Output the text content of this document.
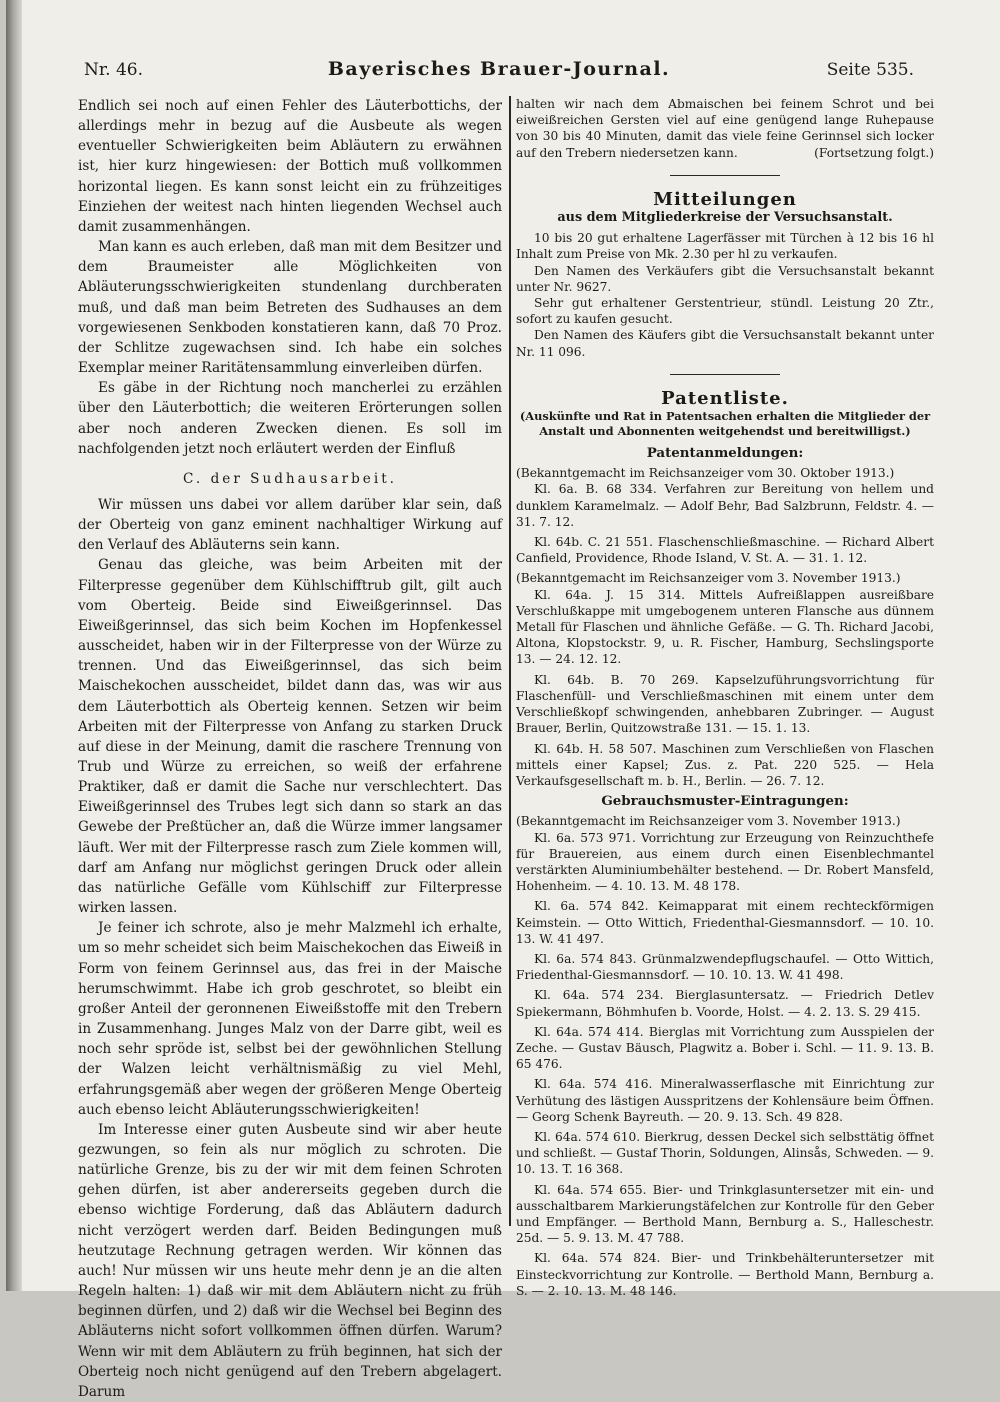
Nr. 46.	Bayerisches Brauer-Journal.	Seite 535.

Endlich sei noch auf einen Fehler des Läuterbottichs, der allerdings mehr in bezug auf die Ausbeute als wegen eventueller Schwierigkeiten beim Abläutern zu erwähnen ist, hier kurz hingewiesen: der Bottich muß vollkommen horizontal liegen. Es kann sonst leicht ein zu frühzeitiges Einziehen der weitest nach hinten liegenden Wechsel auch damit zusammenhängen.

Man kann es auch erleben, daß man mit dem Besitzer und dem Braumeister alle Möglichkeiten von Abläuterungsschwierigkeiten stundenlang durchberaten muß, und daß man beim Betreten des Sudhauses an dem vorgewiesenen Senkboden konstatieren kann, daß 70 Proz. der Schlitze zugewachsen sind. Ich habe ein solches Exemplar meiner Raritätensammlung einverleiben dürfen.

Es gäbe in der Richtung noch mancherlei zu erzählen über den Läuterbottich; die weiteren Erörterungen sollen aber noch anderen Zwecken dienen. Es soll im nachfolgenden jetzt noch erläutert werden der Einfluß

C. der Sudhausarbeit.

Wir müssen uns dabei vor allem darüber klar sein, daß der Oberteig von ganz eminent nachhaltiger Wirkung auf den Verlauf des Abläuterns sein kann.

Genau das gleiche, was beim Arbeiten mit der Filterpresse gegenüber dem Kühlschifftrub gilt, gilt auch vom Oberteig. Beide sind Eiweißgerinnsel. Das Eiweißgerinnsel, das sich beim Kochen im Hopfenkessel ausscheidet, haben wir in der Filterpresse von der Würze zu trennen. Und das Eiweißgerinnsel, das sich beim Maischekochen ausscheidet, bildet dann das, was wir aus dem Läuterbottich als Oberteig kennen. Setzen wir beim Arbeiten mit der Filterpresse von Anfang zu starken Druck auf diese in der Meinung, damit die raschere Trennung von Trub und Würze zu erreichen, so weiß der erfahrene Praktiker, daß er damit die Sache nur verschlechtert. Das Eiweißgerinnsel des Trubes legt sich dann so stark an das Gewebe der Preßtücher an, daß die Würze immer langsamer läuft. Wer mit der Filterpresse rasch zum Ziele kommen will, darf am Anfang nur möglichst geringen Druck oder allein das natürliche Gefälle vom Kühlschiff zur Filterpresse wirken lassen.

Je feiner ich schrote, also je mehr Malzmehl ich erhalte, um so mehr scheidet sich beim Maischekochen das Eiweiß in Form von feinem Gerinnsel aus, das frei in der Maische herumschwimmt. Habe ich grob geschrotet, so bleibt ein großer Anteil der geronnenen Eiweißstoffe mit den Trebern in Zusammenhang. Junges Malz von der Darre gibt, weil es noch sehr spröde ist, selbst bei der gewöhnlichen Stellung der Walzen leicht verhältnismäßig zu viel Mehl, erfahrungsgemäß aber wegen der größeren Menge Oberteig auch ebenso leicht Abläuterungsschwierigkeiten!

Im Interesse einer guten Ausbeute sind wir aber heute gezwungen, so fein als nur möglich zu schroten. Die natürliche Grenze, bis zu der wir mit dem feinen Schroten gehen dürfen, ist aber andererseits gegeben durch die ebenso wichtige Forderung, daß das Abläutern dadurch nicht verzögert werden darf. Beiden Bedingungen muß heutzutage Rechnung getragen werden. Wir können das auch! Nur müssen wir uns heute mehr denn je an die alten Regeln halten: 1) daß wir mit dem Abläutern nicht zu früh beginnen dürfen, und 2) daß wir die Wechsel bei Beginn des Abläuterns nicht sofort vollkommen öffnen dürfen. Warum? Wenn wir mit dem Abläutern zu früh beginnen, hat sich der Oberteig noch nicht genügend auf den Trebern abgelagert. Darum

halten wir nach dem Abmaischen bei feinem Schrot und bei eiweißreichen Gersten viel auf eine genügend lange Ruhepause von 30 bis 40 Minuten, damit das viele feine Gerinnsel sich locker auf den Trebern niedersetzen kann.	(Fortsetzung folgt.)

Mitteilungen
aus dem Mitgliederkreise der Versuchsanstalt.

10 bis 20 gut erhaltene Lagerfässer mit Türchen à 12 bis 16 hl Inhalt zum Preise von Mk. 2.30 per hl zu verkaufen.

Den Namen des Verkäufers gibt die Versuchsanstalt bekannt unter Nr. 9627.

Sehr gut erhaltener Gerstentrieur, stündl. Leistung 20 Ztr., sofort zu kaufen gesucht.

Den Namen des Käufers gibt die Versuchsanstalt bekannt unter Nr. 11 096.

Patentliste.
(Auskünfte und Rat in Patentsachen erhalten die Mitglieder der Anstalt und Abonnenten weitgehendst und bereitwilligst.)
Patentanmeldungen:

(Bekanntgemacht im Reichsanzeiger vom 30. Oktober 1913.)

Kl. 6a. B. 68 334. Verfahren zur Bereitung von hellem und dunklem Karamelmalz. — Adolf Behr, Bad Salzbrunn, Feldstr. 4. — 31. 7. 12.

Kl. 64b. C. 21 551. Flaschenschließmaschine. — Richard Albert Canfield, Providence, Rhode Island, V. St. A. — 31. 1. 12.

(Bekanntgemacht im Reichsanzeiger vom 3. November 1913.)

Kl. 64a. J. 15 314. Mittels Aufreißlappen ausreißbare Verschlußkappe mit umgebogenem unteren Flansche aus dünnem Metall für Flaschen und ähnliche Gefäße. — G. Th. Richard Jacobi, Altona, Klopstockstr. 9, u. R. Fischer, Hamburg, Sechslingsporte 13. — 24. 12. 12.

Kl. 64b. B. 70 269. Kapselzuführungsvorrichtung für Flaschenfüll- und Verschließmaschinen mit einem unter dem Verschließkopf schwingenden, anhebbaren Zubringer. — August Brauer, Berlin, Quitzowstraße 131. — 15. 1. 13.

Kl. 64b. H. 58 507. Maschinen zum Verschließen von Flaschen mittels einer Kapsel; Zus. z. Pat. 220 525. — Hela Verkaufsgesellschaft m. b. H., Berlin. — 26. 7. 12.

Gebrauchsmuster-Eintragungen:

(Bekanntgemacht im Reichsanzeiger vom 3. November 1913.)

Kl. 6a. 573 971. Vorrichtung zur Erzeugung von Reinzuchthefe für Brauereien, aus einem durch einen Eisenblechmantel verstärkten Aluminiumbehälter bestehend. — Dr. Robert Mansfeld, Hohenheim. — 4. 10. 13. M. 48 178.

Kl. 6a. 574 842. Keimapparat mit einem rechteckförmigen Keimstein. — Otto Wittich, Friedenthal-Giesmannsdorf. — 10. 10. 13. W. 41 497.

Kl. 6a. 574 843. Grünmalzwendepflugschaufel. — Otto Wittich, Friedenthal-Giesmannsdorf. — 10. 10. 13. W. 41 498.

Kl. 64a. 574 234. Bierglasuntersatz. — Friedrich Detlev Spiekermann, Böhmhufen b. Voorde, Holst. — 4. 2. 13. S. 29 415.

Kl. 64a. 574 414. Bierglas mit Vorrichtung zum Ausspielen der Zeche. — Gustav Bäusch, Plagwitz a. Bober i. Schl. — 11. 9. 13. B. 65 476.

Kl. 64a. 574 416. Mineralwasserflasche mit Einrichtung zur Verhütung des lästigen Ausspritzens der Kohlensäure beim Öffnen. — Georg Schenk Bayreuth. — 20. 9. 13. Sch. 49 828.

Kl. 64a. 574 610. Bierkrug, dessen Deckel sich selbsttätig öffnet und schließt. — Gustaf Thorin, Soldungen, Alinsås, Schweden. — 9. 10. 13. T. 16 368.

Kl. 64a. 574 655. Bier- und Trinkglasuntersetzer mit ein- und ausschaltbarem Markierungstäfelchen zur Kontrolle für den Geber und Empfänger. — Berthold Mann, Bernburg a. S., Halleschestr. 25d. — 5. 9. 13. M. 47 788.

Kl. 64a. 574 824. Bier- und Trinkbehälteruntersetzer mit Einsteckvorrichtung zur Kontrolle. — Berthold Mann, Bernburg a. S. — 2. 10. 13. M. 48 146.
